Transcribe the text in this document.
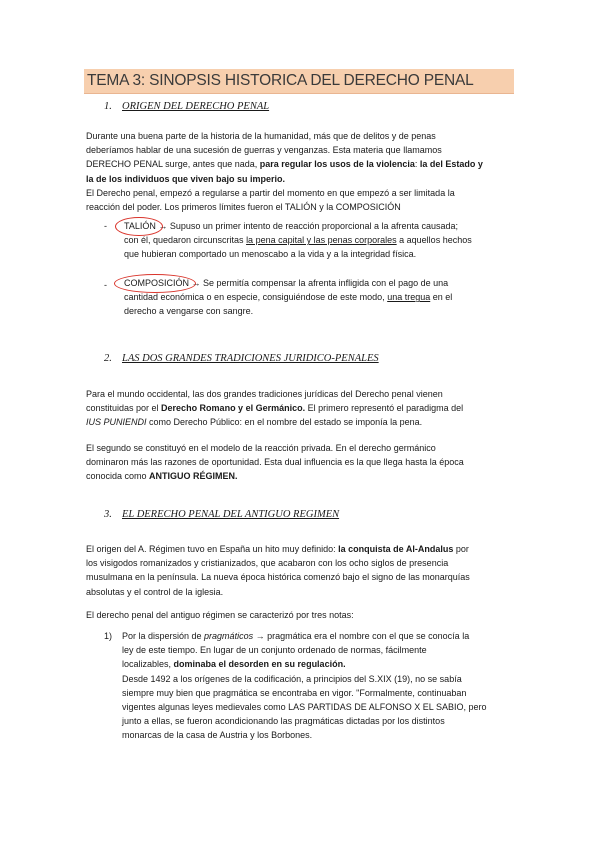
TEMA 3: SINOPSIS HISTORICA DEL DERECHO PENAL
1. ORIGEN DEL DERECHO PENAL
Durante una buena parte de la historia de la humanidad, más que de delitos y de penas
deberíamos hablar de una sucesión de guerras y venganzas. Esta materia que llamamos
DERECHO PENAL surge, antes que nada, para regular los usos de la violencia: la del Estado y
la de los individuos que viven bajo su imperio.
El Derecho penal, empezó a regularse a partir del momento en que empezó a ser limitada la
reacción del poder. Los primeros límites fueron el TALIÓN y la COMPOSICIÓN
- TALIÓN → Supuso un primer intento de reacción proporcional a la afrenta causada;
con él, quedaron circunscritas la pena capital y las penas corporales a aquellos hechos
que hubieran comportado un menoscabo a la vida y a la integridad física.
- COMPOSICIÓN → Se permitía compensar la afrenta infligida con el pago de una
cantidad económica o en especie, consiguiéndose de este modo, una tregua en el
derecho a vengarse con sangre.
2. LAS DOS GRANDES TRADICIONES JURIDICO-PENALES
Para el mundo occidental, las dos grandes tradiciones jurídicas del Derecho penal vienen
constituidas por el Derecho Romano y el Germánico. El primero representó el paradigma del
IUS PUNIENDI como Derecho Público: en el nombre del estado se imponía la pena.
El segundo se constituyó en el modelo de la reacción privada. En el derecho germánico
dominaron más las razones de oportunidad. Esta dual influencia es la que llega hasta la época
conocida como ANTIGUO RÉGIMEN.
3. EL DERECHO PENAL DEL ANTIGUO REGIMEN
El origen del A. Régimen tuvo en España un hito muy definido: la conquista de Al-Andalus por
los visigodos romanizados y cristianizados, que acabaron con los ocho siglos de presencia
musulmana en la península. La nueva época histórica comenzó bajo el signo de las monarquías
absolutas y el control de la iglesia.
El derecho penal del antiguo régimen se caracterizó por tres notas:
1) Por la dispersión de pragmáticos → pragmática era el nombre con el que se conocía la
ley de este tiempo. En lugar de un conjunto ordenado de normas, fácilmente
localizables, dominaba el desorden en su regulación.
Desde 1492 a los orígenes de la codificación, a principios del S.XIX (19), no se sabía
siempre muy bien que pragmática se encontraba en vigor. "Formalmente, continuaban
vigentes algunas leyes medievales como LAS PARTIDAS DE ALFONSO X EL SABIO, pero
junto a ellas, se fueron acondicionando las pragmáticas dictadas por los distintos
monarcas de la casa de Austria y los Borbones.
